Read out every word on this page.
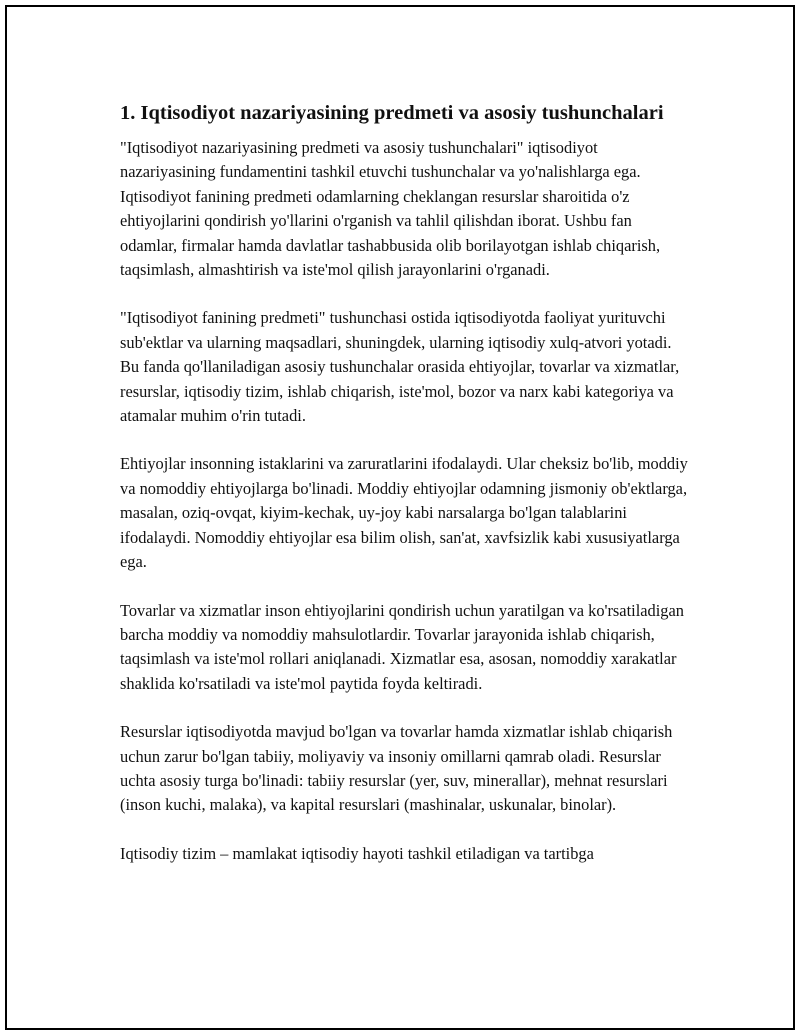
1. Iqtisodiyot nazariyasining predmeti va asosiy tushunchalari

"Iqtisodiyot nazariyasining predmeti va asosiy tushunchalari" iqtisodiyot nazariyasining fundamentini tashkil etuvchi tushunchalar va yo'nalishlarga ega. Iqtisodiyot fanining predmeti odamlarning cheklangan resurslar sharoitida o'z ehtiyojlarini qondirish yo'llarini o'rganish va tahlil qilishdan iborat. Ushbu fan odamlar, firmalar hamda davlatlar tashabbusida olib borilayotgan ishlab chiqarish, taqsimlash, almashtirish va iste'mol qilish jarayonlarini o'rganadi.

"Iqtisodiyot fanining predmeti" tushunchasi ostida iqtisodiyotda faoliyat yurituvchi sub'ektlar va ularning maqsadlari, shuningdek, ularning iqtisodiy xulq-atvori yotadi. Bu fanda qo'llaniladigan asosiy tushunchalar orasida ehtiyojlar, tovarlar va xizmatlar, resurslar, iqtisodiy tizim, ishlab chiqarish, iste'mol, bozor va narx kabi kategoriya va atamalar muhim o'rin tutadi.

Ehtiyojlar insonning istaklarini va zaruratlarini ifodalaydi. Ular cheksiz bo'lib, moddiy va nomoddiy ehtiyojlarga bo'linadi. Moddiy ehtiyojlar odamning jismoniy ob'ektlarga, masalan, oziq-ovqat, kiyim-kechak, uy-joy kabi narsalarga bo'lgan talablarini ifodalaydi. Nomoddiy ehtiyojlar esa bilim olish, san'at, xavfsizlik kabi xususiyatlarga ega.

Tovarlar va xizmatlar inson ehtiyojlarini qondirish uchun yaratilgan va ko'rsatiladigan barcha moddiy va nomoddiy mahsulotlardir. Tovarlar jarayonida ishlab chiqarish, taqsimlash va iste'mol rollari aniqlanadi. Xizmatlar esa, asosan, nomoddiy xarakatlar shaklida ko'rsatiladi va iste'mol paytida foyda keltiradi.

Resurslar iqtisodiyotda mavjud bo'lgan va tovarlar hamda xizmatlar ishlab chiqarish uchun zarur bo'lgan tabiiy, moliyaviy va insoniy omillarni qamrab oladi. Resurslar uchta asosiy turga bo'linadi: tabiiy resurslar (yer, suv, minerallar), mehnat resurslari (inson kuchi, malaka), va kapital resurslari (mashinalar, uskunalar, binolar).

Iqtisodiy tizim – mamlakat iqtisodiy hayoti tashkil etiladigan va tartibga
